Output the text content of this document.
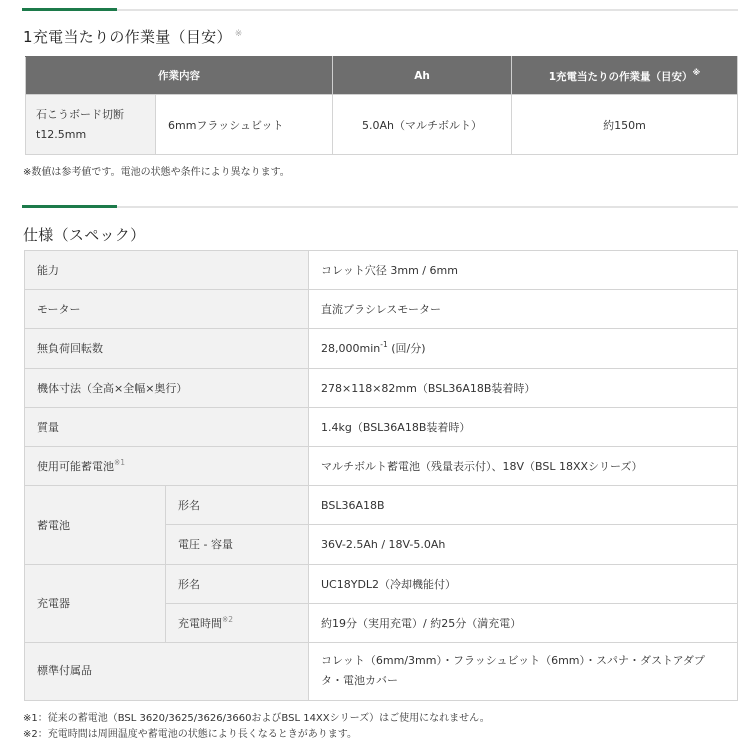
1充電当たりの作業量（目安） ※
作業内容		Ah	1充電当たりの作業量（目安）※
石こうボード切断
t12.5mm	6mmフラッシュビット	5.0Ah（マルチボルト）	約150m
※数値は参考値です。電池の状態や条件により異なります。
仕様（スペック）
能力		コレット穴径 3mm / 6mm
モーター		直流ブラシレスモーター
無負荷回転数		$28,000\min^{-1}$ (回/分)
機体寸法（全高×全幅×奥行）		278×118×82mm（BSL36A18B装着時）
質量		1.4kg（BSL36A18B装着時）
使用可能蓄電池$^{※1}$		マルチボルト蓄電池（残量表示付）、18V（BSL 18XXシリーズ）
蓄電池	形名	BSL36A18B
	電圧 - 容量	36V-2.5Ah / 18V-5.0Ah
充電器	形名	UC18YDL2（冷却機能付）
	充電時間$^{※2}$	約19分（実用充電）/ 約25分（満充電）
標準付属品		コレット（6mm/3mm）・フラッシュビット（6mm）・スパナ・ダストアダプ
タ・電池カバー
※1：従来の蓄電池（BSL 3620/3625/3626/3660およびBSL 14XXシリーズ）はご使用になれません。
※2：充電時間は周囲温度や蓄電池の状態により長くなるときがあります。
